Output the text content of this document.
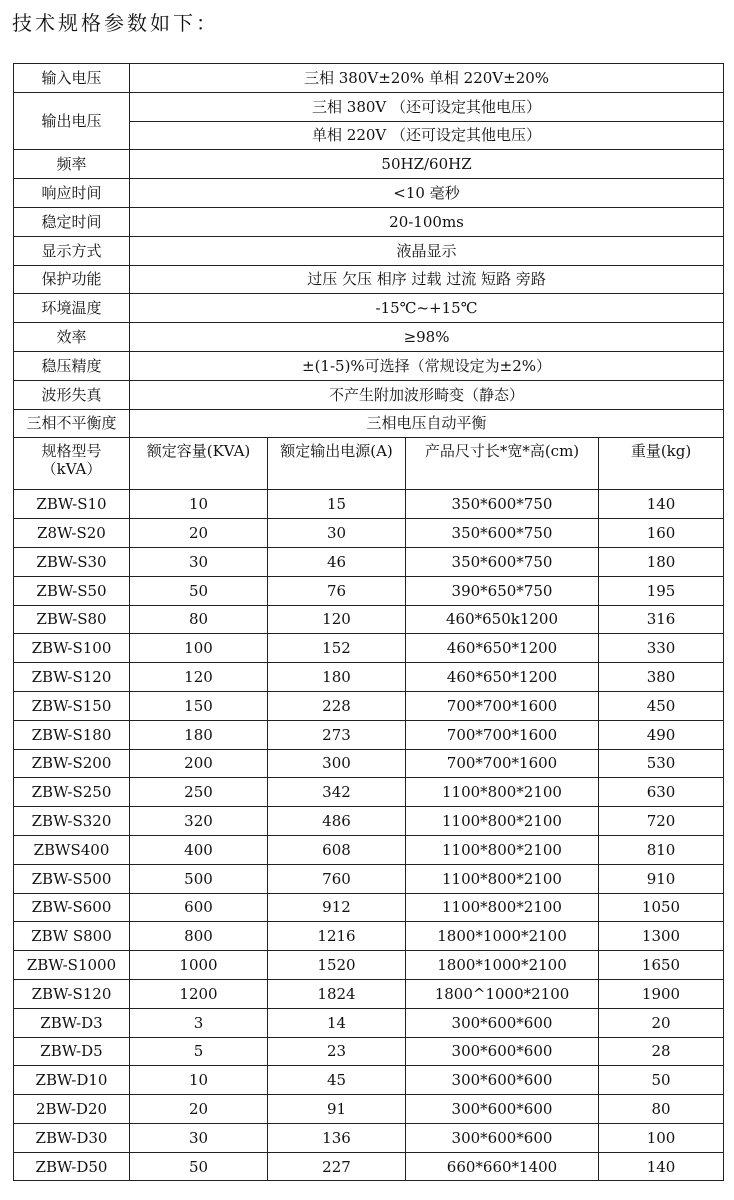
技术规格参数如下：
输入电压	三相 380V±20% 单相 220V±20%			
输出电压	三相 380V （还可设定其他电压）			
	单相 220V （还可设定其他电压）			
频率	50HZ/60HZ			
响应时间	<10 毫秒			
稳定时间	20-100ms			
显示方式	液晶显示			
保护功能	过压 欠压 相序 过载 过流 短路 旁路			
环境温度	-15℃~+15℃			
效率	≥98%			
稳压精度	±(1-5)%可选择（常规设定为±2%）			
波形失真	不产生附加波形畸变（静态）			
三相不平衡度	三相电压自动平衡			

规格型号（kVA）	额定容量(KVA)	额定输出电源(A)	产品尺寸长*宽*高(cm)	重量(kg)
ZBW-S10	10	15	350*600*750	140
Z8W-S20	20	30	350*600*750	160
ZBW-S30	30	46	350*600*750	180
ZBW-S50	50	76	390*650*750	195
ZBW-S80	80	120	460*650k1200	316
ZBW-S100	100	152	460*650*1200	330
ZBW-S120	120	180	460*650*1200	380
ZBW-S150	150	228	700*700*1600	450
ZBW-S180	180	273	700*700*1600	490
ZBW-S200	200	300	700*700*1600	530
ZBW-S250	250	342	1100*800*2100	630
ZBW-S320	320	486	1100*800*2100	720
ZBWS400	400	608	1100*800*2100	810
ZBW-S500	500	760	1100*800*2100	910
ZBW-S600	600	912	1100*800*2100	1050
ZBW S800	800	1216	1800*1000*2100	1300
ZBW-S1000	1000	1520	1800*1000*2100	1650
ZBW-S120	1200	1824	1800^1000*2100	1900
ZBW-D3	3	14	300*600*600	20
ZBW-D5	5	23	300*600*600	28
ZBW-D10	10	45	300*600*600	50
2BW-D20	20	91	300*600*600	80
ZBW-D30	30	136	300*600*600	100
ZBW-D50	50	227	660*660*1400	140
